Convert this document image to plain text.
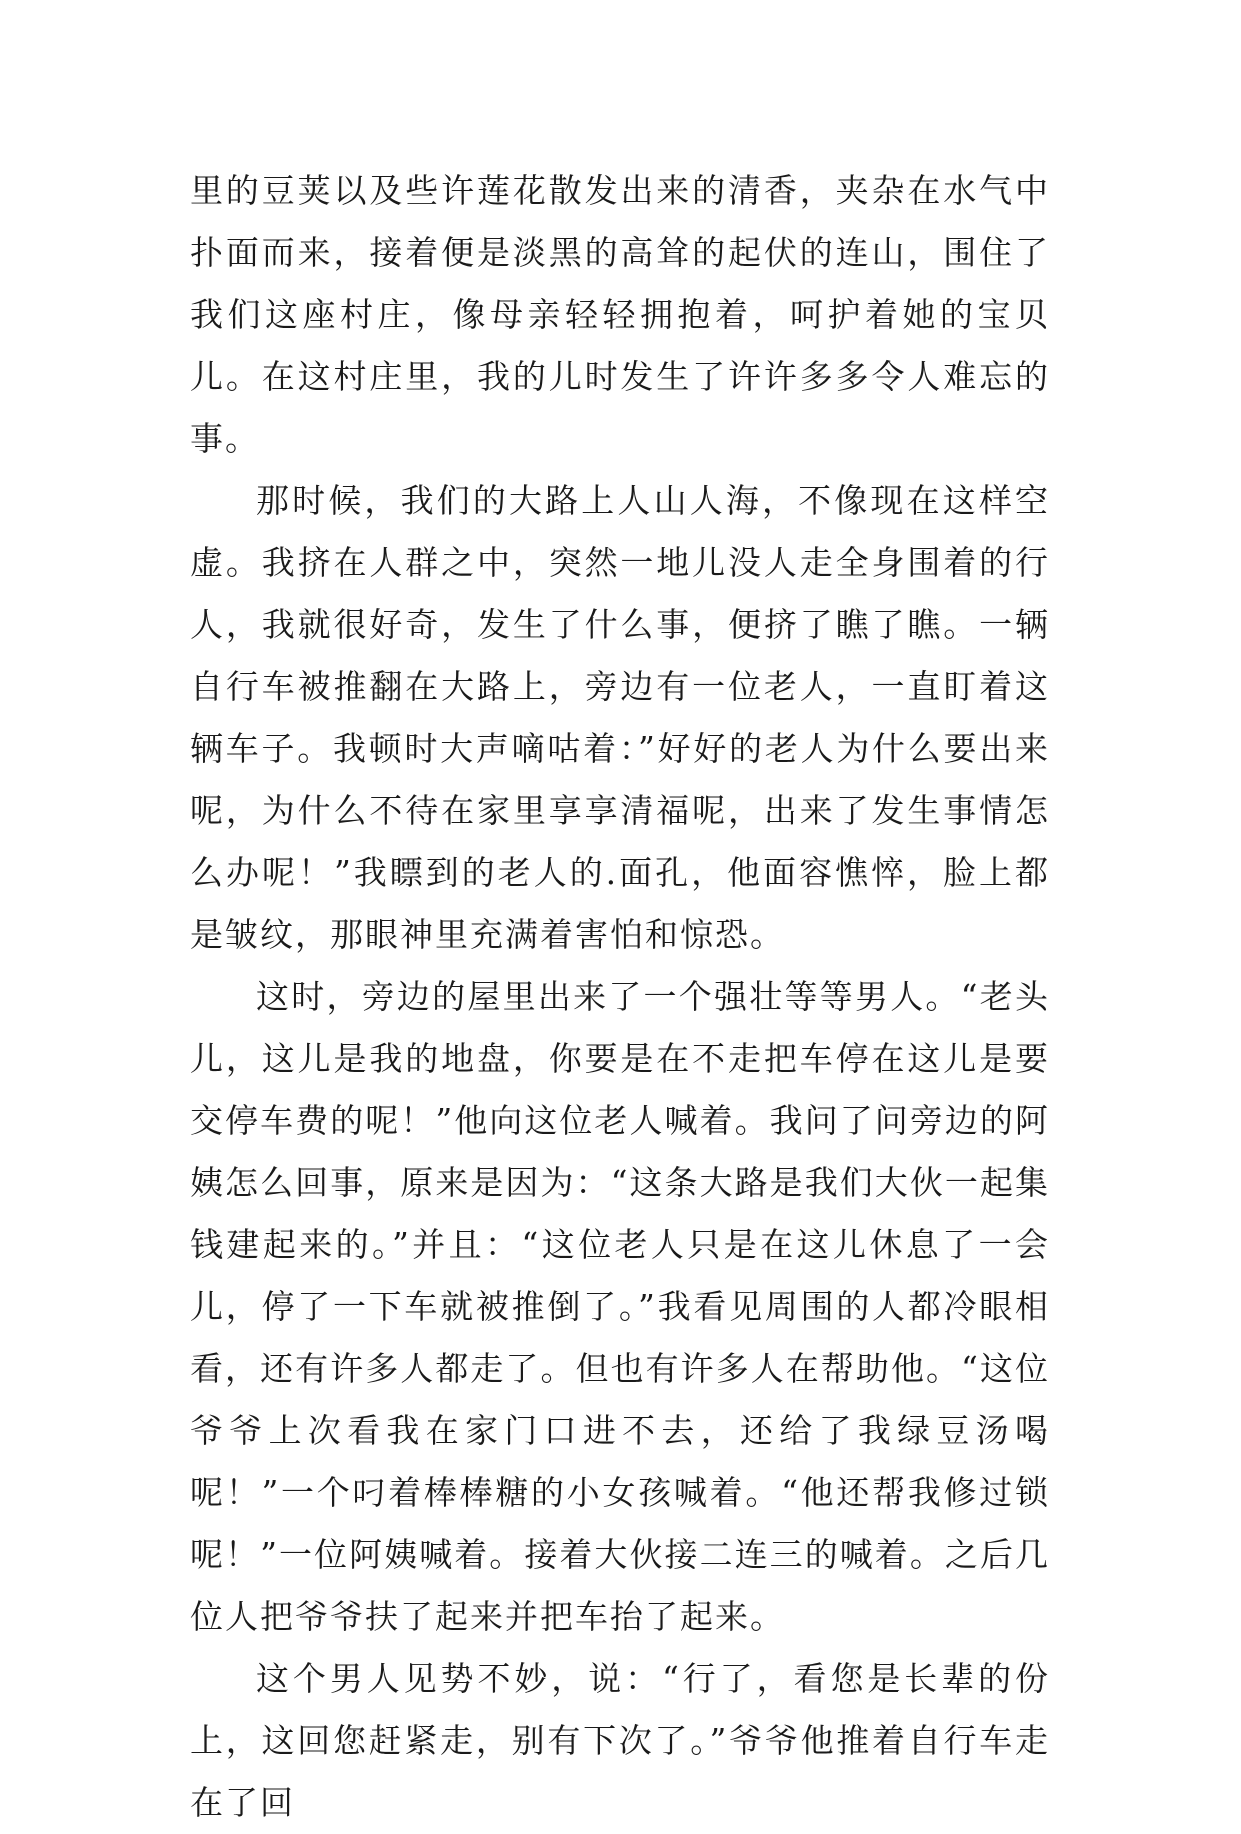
里的豆荚以及些许莲花散发出来的清香，夹杂在水气中扑面而来，接着便是淡黑的高耸的起伏的连山，围住了我们这座村庄，像母亲轻轻拥抱着，呵护着她的宝贝儿。在这村庄里，我的儿时发生了许许多多令人难忘的事。

那时候，我们的大路上人山人海，不像现在这样空虚。我挤在人群之中，突然一地儿没人走全身围着的行人，我就很好奇，发生了什么事，便挤了瞧了瞧。一辆自行车被推翻在大路上，旁边有一位老人，一直盯着这辆车子。我顿时大声嘀咕着：”好好的老人为什么要出来呢，为什么不待在家里享享清福呢，出来了发生事情怎么办呢！”我瞟到的老人的.面孔，他面容憔悴，脸上都是皱纹，那眼神里充满着害怕和惊恐。

这时，旁边的屋里出来了一个强壮等等男人。“老头儿，这儿是我的地盘，你要是在不走把车停在这儿是要交停车费的呢！”他向这位老人喊着。我问了问旁边的阿姨怎么回事，原来是因为：“这条大路是我们大伙一起集钱建起来的。”并且：“这位老人只是在这儿休息了一会儿，停了一下车就被推倒了。”我看见周围的人都冷眼相看，还有许多人都走了。但也有许多人在帮助他。“这位爷爷上次看我在家门口进不去，还给了我绿豆汤喝呢！”一个叼着棒棒糖的小女孩喊着。“他还帮我修过锁呢！”一位阿姨喊着。接着大伙接二连三的喊着。之后几位人把爷爷扶了起来并把车抬了起来。

这个男人见势不妙，说：“行了，看您是长辈的份上，这回您赶紧走，别有下次了。”爷爷他推着自行车走在了回
